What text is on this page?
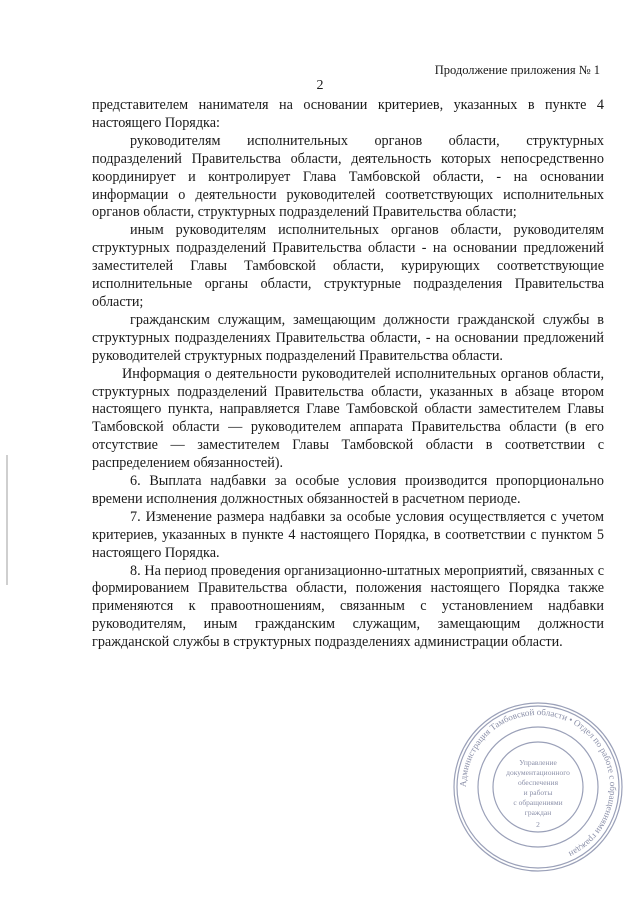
Продолжение приложения № 1
2

представителем нанимателя на основании критериев, указанных в пункте 4 настоящего Порядка:

руководителям исполнительных органов области, структурных подразделений Правительства области, деятельность которых непосредственно координирует и контролирует Глава Тамбовской области, - на основании информации о деятельности руководителей соответствующих исполнительных органов области, структурных подразделений Правительства области;

иным руководителям исполнительных органов области, руководителям структурных подразделений Правительства области - на основании предложений заместителей Главы Тамбовской области, курирующих соответствующие исполнительные органы области, структурные подразделения Правительства области;

гражданским служащим, замещающим должности гражданской службы в структурных подразделениях Правительства области, - на основании предложений руководителей структурных подразделений Правительства области.

Информация о деятельности руководителей исполнительных органов области, структурных подразделений Правительства области, указанных в абзаце втором настоящего пункта, направляется Главе Тамбовской области заместителем Главы Тамбовской области — руководителем аппарата Правительства области (в его отсутствие — заместителем Главы Тамбовской области в соответствии с распределением обязанностей).

6. Выплата надбавки за особые условия производится пропорционально времени исполнения должностных обязанностей в расчетном периоде.

7. Изменение размера надбавки за особые условия осуществляется с учетом критериев, указанных в пункте 4 настоящего Порядка, в соответствии с пунктом 5 настоящего Порядка.

8. На период проведения организационно-штатных мероприятий, связанных с формированием Правительства области, положения настоящего Порядка также применяются к правоотношениям, связанным с установлением надбавки руководителям, иным гражданским служащим, замещающим должности гражданской службы в структурных подразделениях администрации области.

Администрация Тамбовской области • Отдел по работе с обращениями граждан
Управление
документационного
обеспечения
и работы
с обращениями
граждан
2
